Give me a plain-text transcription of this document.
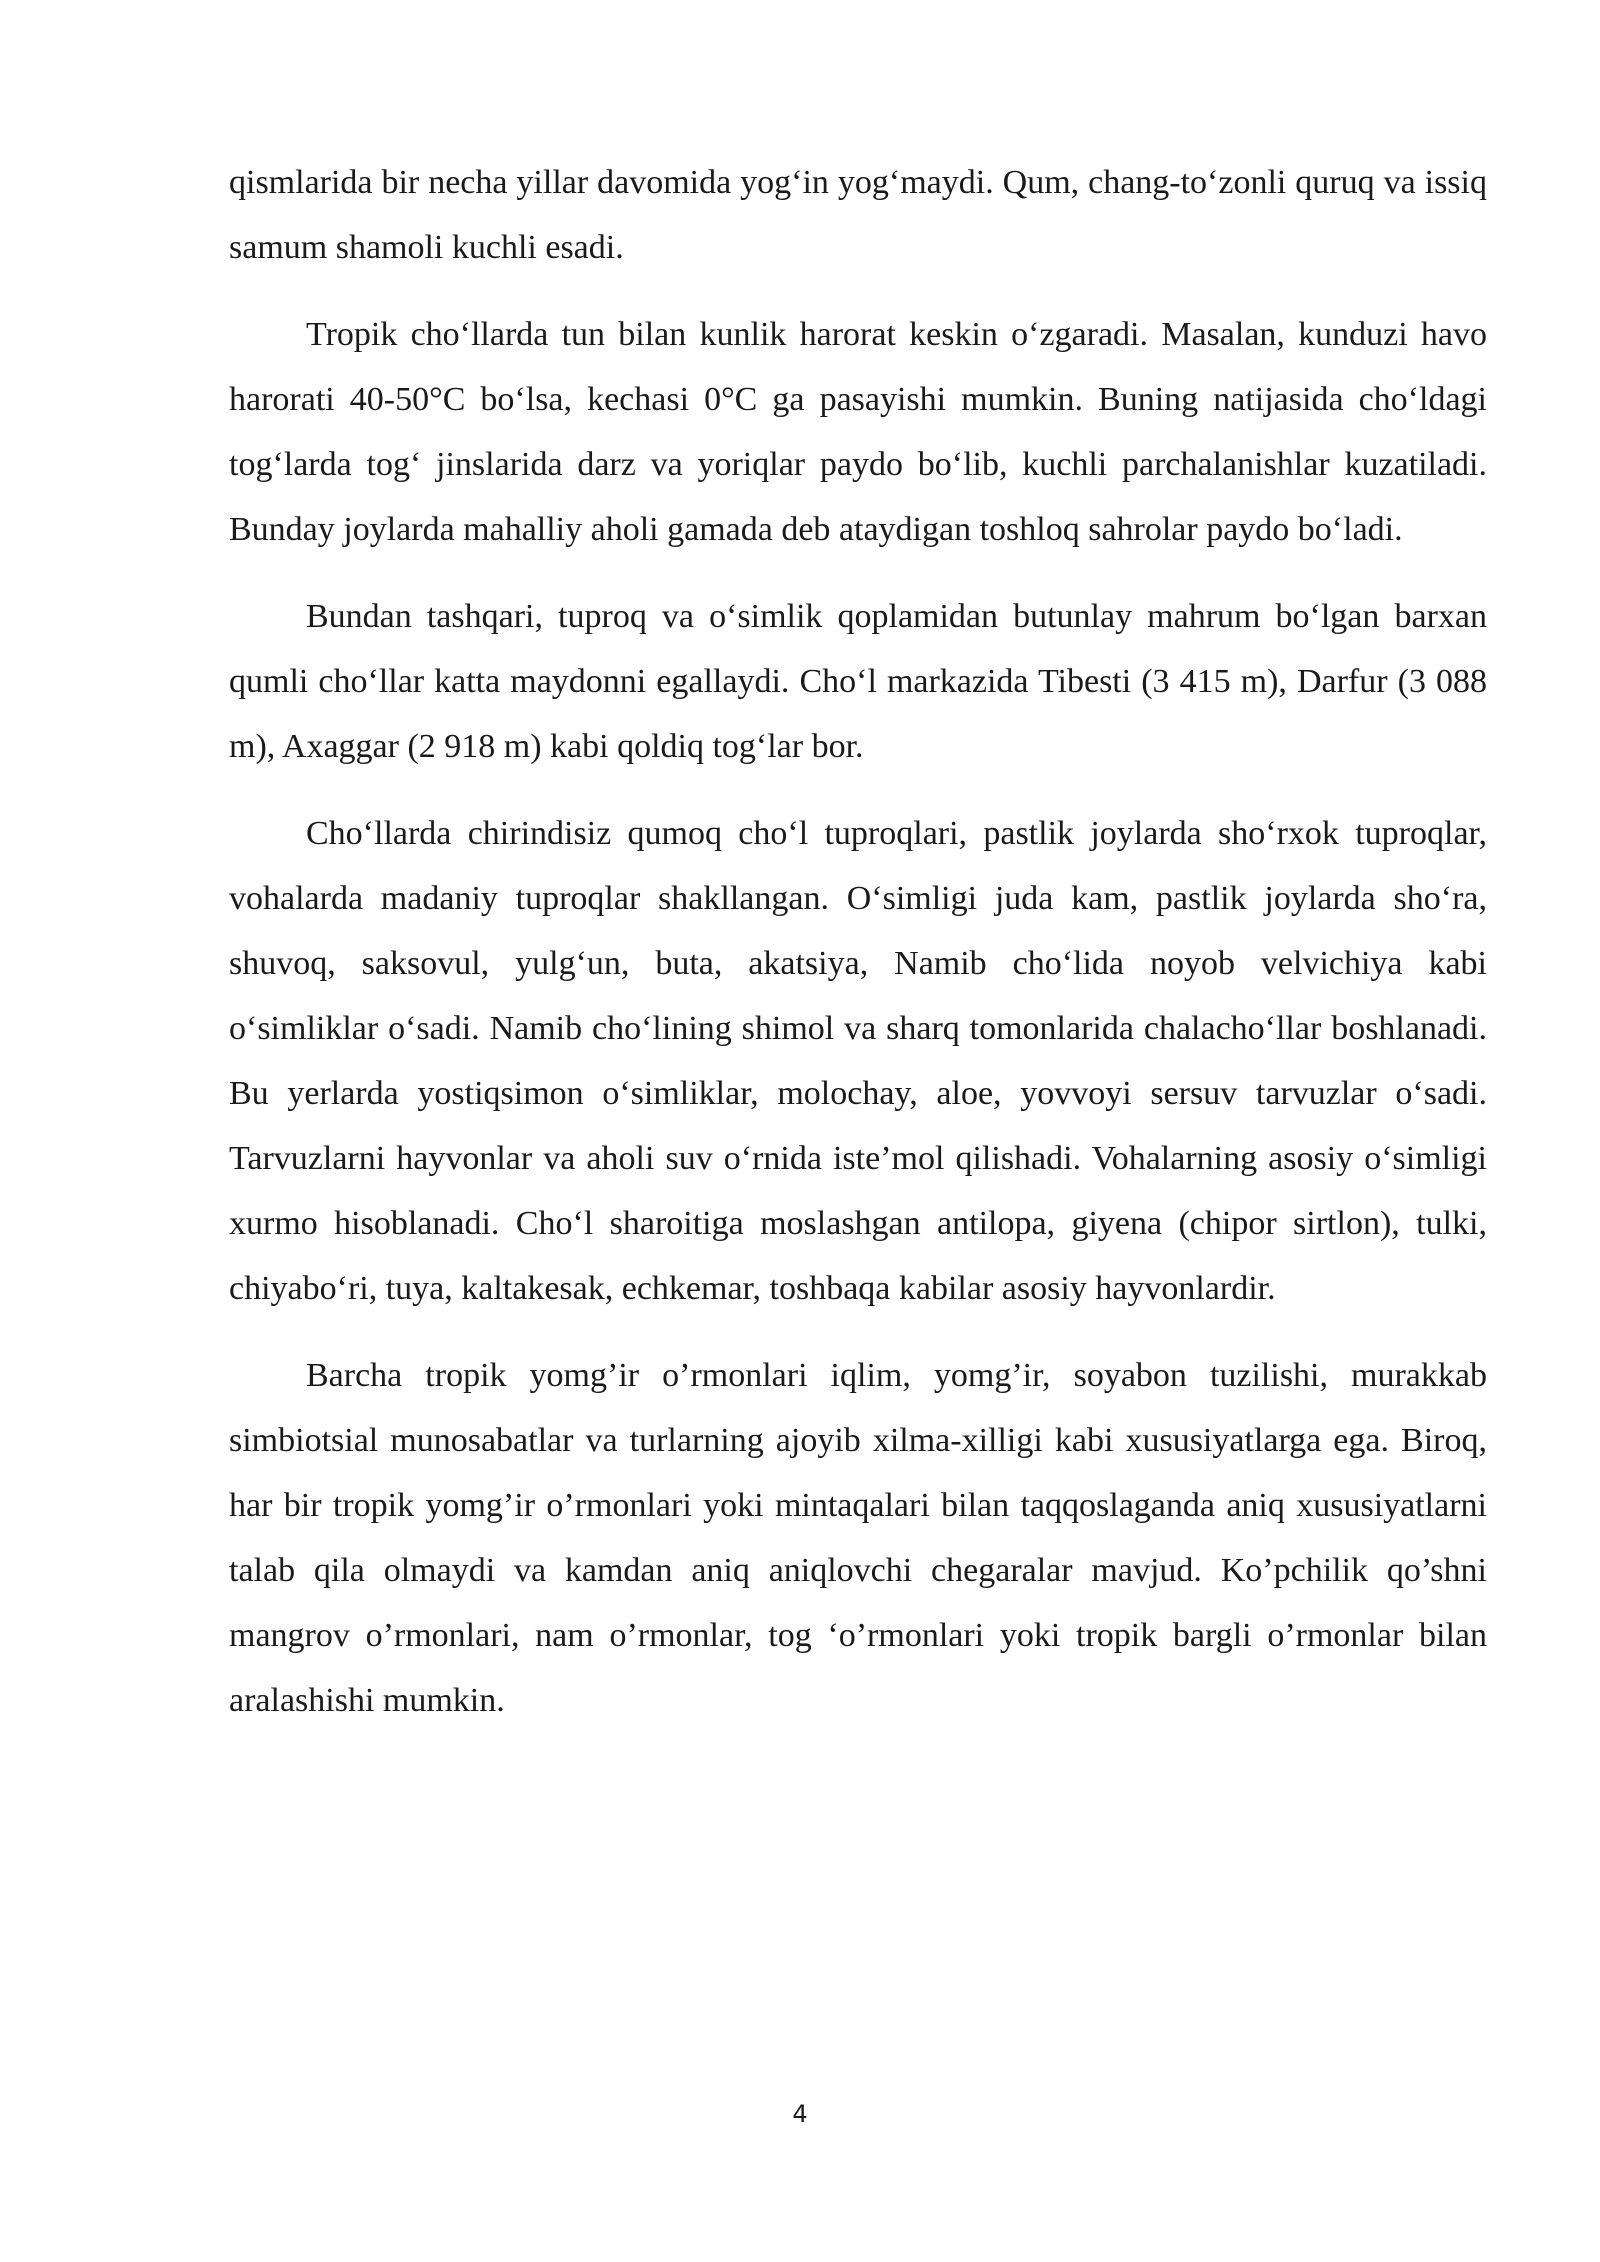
qismlarida bir necha yillar davomida yog‘in yog‘maydi. Qum, chang-to‘zonli quruq va issiq samum shamoli kuchli esadi.

Tropik cho‘llarda tun bilan kunlik harorat keskin o‘zgaradi. Masalan, kunduzi havo harorati 40-50°C bo‘lsa, kechasi 0°C ga pasayishi mumkin. Buning natijasida cho‘ldagi tog‘larda tog‘ jinslarida darz va yoriqlar paydo bo‘lib, kuchli parchalanishlar kuzatiladi. Bunday joylarda mahalliy aholi gamada deb ataydigan toshloq sahrolar paydo bo‘ladi.

Bundan tashqari, tuproq va o‘simlik qoplamidan butunlay mahrum bo‘lgan barxan qumli cho‘llar katta maydonni egallaydi. Cho‘l markazida Tibesti (3 415 m), Darfur (3 088 m), Axaggar (2 918 m) kabi qoldiq tog‘lar bor.

Cho‘llarda chirindisiz qumoq cho‘l tuproqlari, pastlik joylarda sho‘rxok tuproqlar, vohalarda madaniy tuproqlar shakllangan. O‘simligi juda kam, pastlik joylarda sho‘ra, shuvoq, saksovul, yulg‘un, buta, akatsiya, Namib cho‘lida noyob velvichiya kabi o‘simliklar o‘sadi. Namib cho‘lining shimol va sharq tomonlarida chalacho‘llar boshlanadi. Bu yerlarda yostiqsimon o‘simliklar, molochay, aloe, yovvoyi sersuv tarvuzlar o‘sadi. Tarvuzlarni hayvonlar va aholi suv o‘rnida iste’mol qilishadi. Vohalarning asosiy o‘simligi xurmo hisoblanadi. Cho‘l sharoitiga moslashgan antilopa, giyena (chipor sirtlon), tulki, chiyabo‘ri, tuya, kaltakesak, echkemar, toshbaqa kabilar asosiy hayvonlardir.

Barcha tropik yomg’ir o’rmonlari iqlim, yomg’ir, soyabon tuzilishi, murakkab simbiotsial munosabatlar va turlarning ajoyib xilma-xilligi kabi xususiyatlarga ega. Biroq, har bir tropik yomg’ir o’rmonlari yoki mintaqalari bilan taqqoslaganda aniq xususiyatlarni talab qila olmaydi va kamdan aniq aniqlovchi chegaralar mavjud. Ko’pchilik qo’shni mangrov o’rmonlari, nam o’rmonlar, tog ‘o’rmonlari yoki tropik bargli o’rmonlar bilan aralashishi mumkin.

4
